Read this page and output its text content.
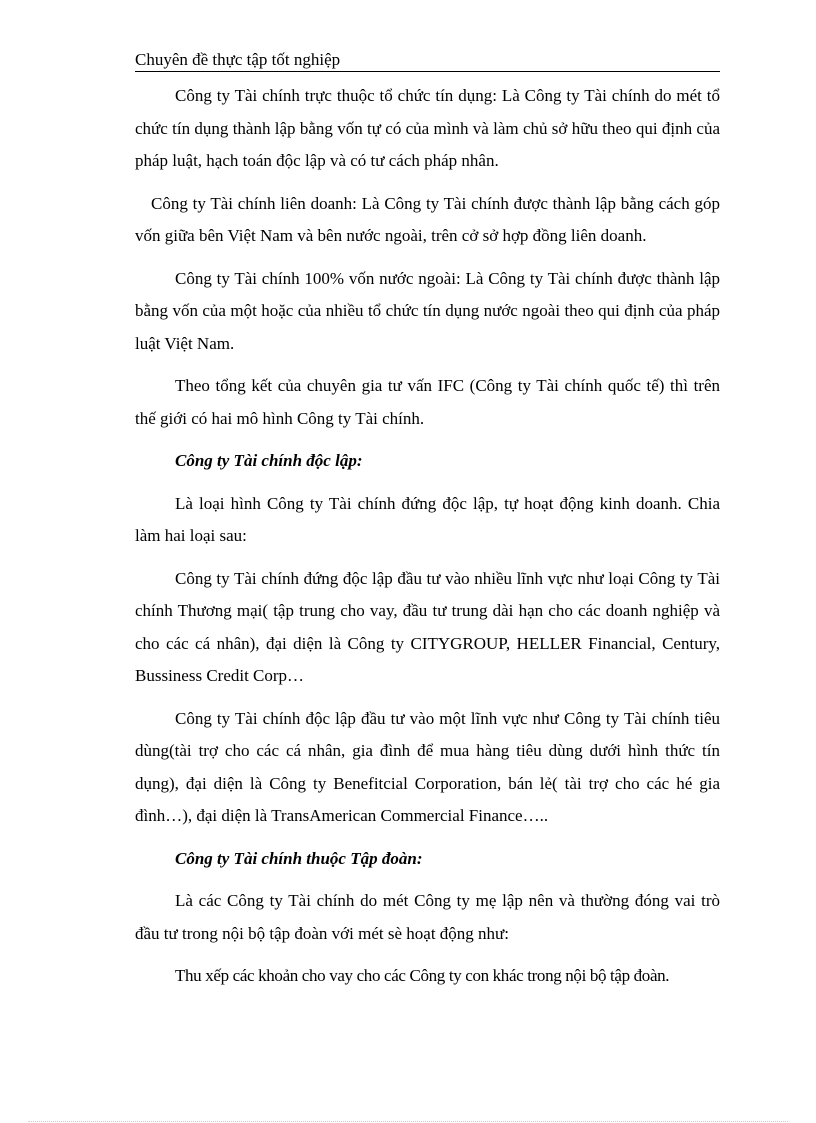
Chuyên đề thực tập tốt nghiệp

Công ty Tài chính trực thuộc tổ chức tín dụng: Là Công ty Tài chính do mét tổ chức tín dụng thành lập bằng vốn tự có của mình và làm chủ sở hữu theo qui định của pháp luật, hạch toán độc lập và có tư cách pháp nhân.

Công ty Tài chính liên doanh: Là Công ty Tài chính được thành lập bằng cách góp vốn giữa bên Việt Nam và bên nước ngoài, trên cở sở hợp đồng liên doanh.

Công ty Tài chính 100% vốn nước ngoài: Là Công ty Tài chính được thành lập bằng vốn của một hoặc của nhiều tổ chức tín dụng nước ngoài theo qui định của pháp luật Việt Nam.

Theo tổng kết của chuyên gia tư vấn IFC (Công ty Tài chính quốc tế) thì trên thế giới có hai mô hình Công ty Tài chính.

Công ty Tài chính độc lập:

Là loại hình Công ty Tài chính đứng độc lập, tự hoạt động kinh doanh. Chia làm hai loại sau:

Công ty Tài chính đứng độc lập đầu tư vào nhiều lĩnh vực như loại Công ty Tài chính Thương mại( tập trung cho vay, đầu tư trung dài hạn cho các doanh nghiệp và cho các cá nhân), đại diện là Công ty CITYGROUP, HELLER Financial, Century, Bussiness Credit Corp…

Công ty Tài chính độc lập đầu tư vào một lĩnh vực như Công ty Tài chính tiêu dùng(tài trợ cho các cá nhân, gia đình để mua hàng tiêu dùng dưới hình thức tín dụng), đại diện là Công ty Benefitcial Corporation, bán lẻ( tài trợ cho các hé gia đình…), đại diện là TransAmerican Commercial Finance…..

Công ty Tài chính thuộc Tập đoàn:

Là các Công ty Tài chính do mét Công ty mẹ lập nên và thường đóng vai trò đầu tư trong nội bộ tập đoàn với mét sè hoạt động như:

Thu xếp các khoản cho vay cho các Công ty con khác trong nội bộ tập đoàn.
